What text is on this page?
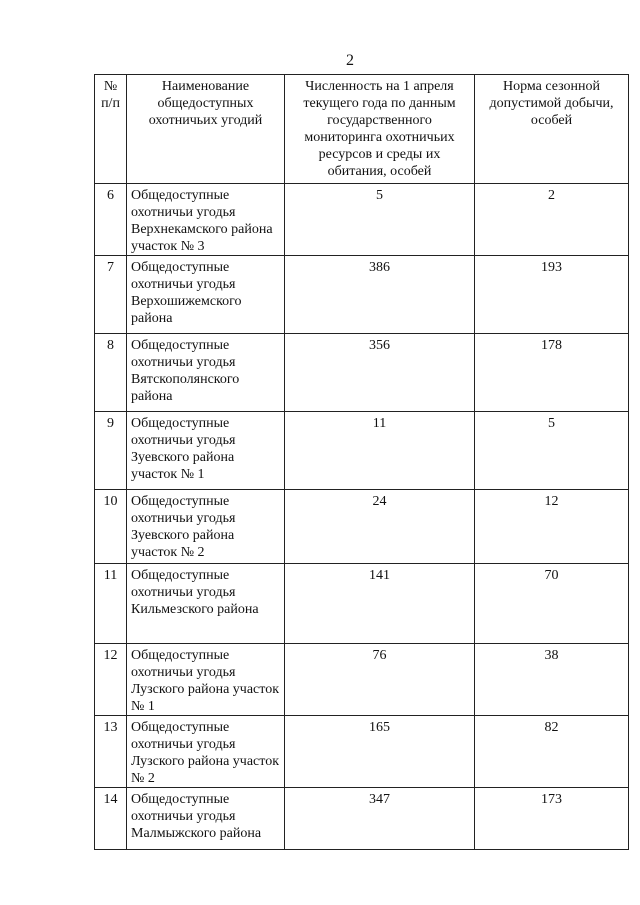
2
№ п/п	Наименование общедоступных охотничьих угодий	Численность на 1 апреля текущего года по данным государственного мониторинга охотничьих ресурсов и среды их обитания, особей	Норма сезонной допустимой добычи, особей
6	Общедоступные охотничьи угодья Верхнекамского района участок № 3	5	2
7	Общедоступные охотничьи угодья Верхошижемского района	386	193
8	Общедоступные охотничьи угодья Вятскополянского района	356	178
9	Общедоступные охотничьи угодья Зуевского района участок № 1	11	5
10	Общедоступные охотничьи угодья Зуевского района участок № 2	24	12
11	Общедоступные охотничьи угодья Кильмезского района	141	70
12	Общедоступные охотничьи угодья Лузского района участок № 1	76	38
13	Общедоступные охотничьи угодья Лузского района участок № 2	165	82
14	Общедоступные охотничьи угодья Малмыжского района	347	173
